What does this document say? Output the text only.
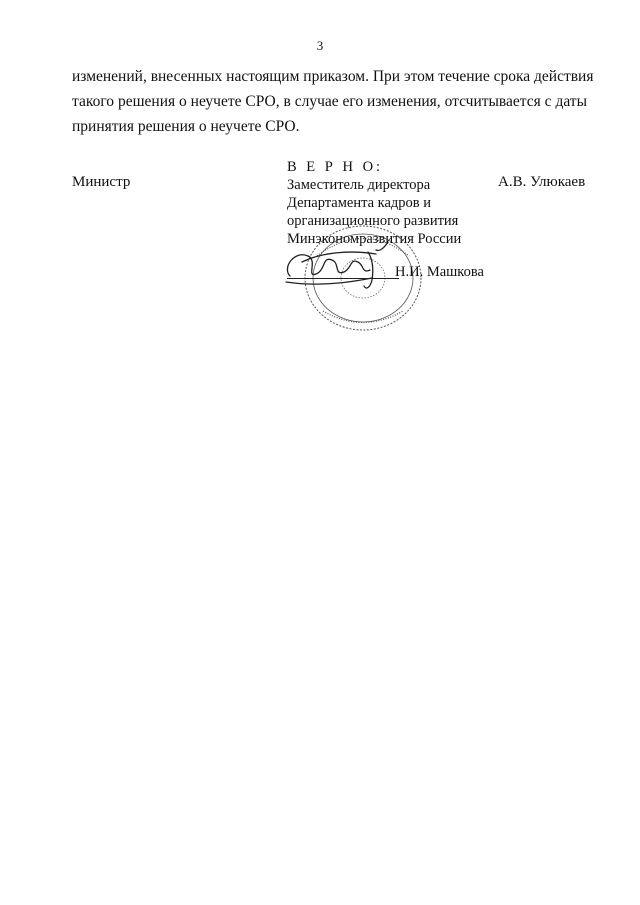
3
изменений, внесенных настоящим приказом. При этом течение срока действия
такого решения о неучете СРО, в случае его изменения, отсчитывается с даты
принятия решения о неучете СРО.
Министр	А.В. Улюкаев
В Е Р Н О:
Заместитель директора
Департамента кадров и
организационного развития
Минэкономразвития России
Н.И. Машкова
